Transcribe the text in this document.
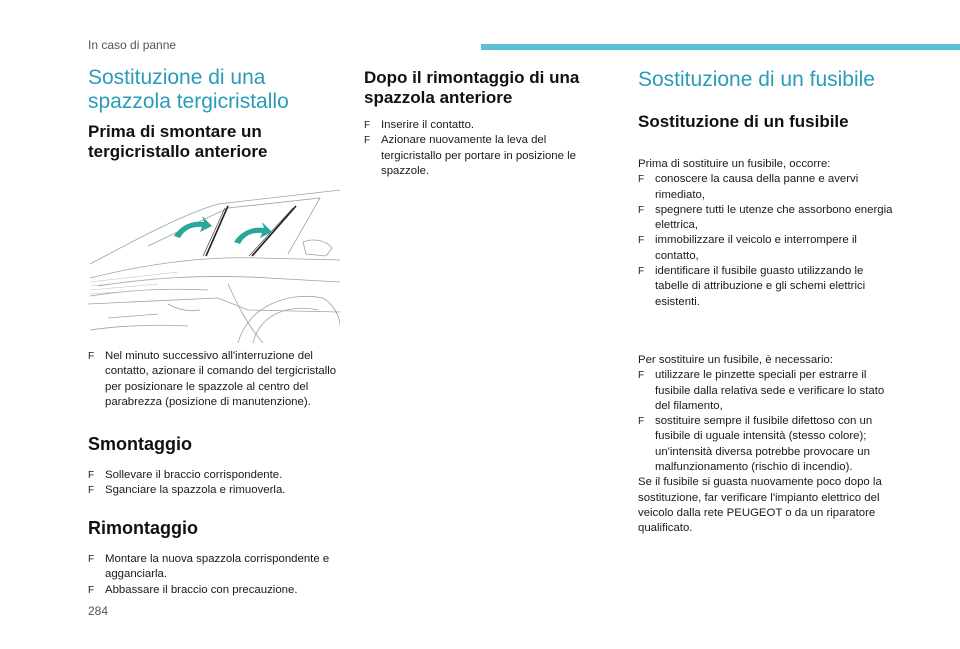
In caso di panne
Sostituzione di una spazzola tergicristallo
Prima di smontare un tergicristallo anteriore
F Nel minuto successivo all'interruzione del contatto, azionare il comando del tergicristallo per posizionare le spazzole al centro del parabrezza (posizione di manutenzione).
Smontaggio
F Sollevare il braccio corrispondente.
F Sganciare la spazzola e rimuoverla.
Rimontaggio
F Montare la nuova spazzola corrispondente e agganciarla.
F Abbassare il braccio con precauzione.
Dopo il rimontaggio di una spazzola anteriore
F Inserire il contatto.
F Azionare nuovamente la leva del tergicristallo per portare in posizione le spazzole.
Sostituzione di un fusibile
Sostituzione di un fusibile
Prima di sostituire un fusibile, occorre:
F conoscere la causa della panne e avervi rimediato,
F spegnere tutti le utenze che assorbono energia elettrica,
F immobilizzare il veicolo e interrompere il contatto,
F identificare il fusibile guasto utilizzando le tabelle di attribuzione e gli schemi elettrici esistenti.
Per sostituire un fusibile, è necessario:
F utilizzare le pinzette speciali per estrarre il fusibile dalla relativa sede e verificare lo stato del filamento,
F sostituire sempre il fusibile difettoso con un fusibile di uguale intensità (stesso colore); un'intensità diversa potrebbe provocare un malfunzionamento (rischio di incendio).
Se il fusibile si guasta nuovamente poco dopo la sostituzione, far verificare l'impianto elettrico del veicolo dalla rete PEUGEOT o da un riparatore qualificato.
284
